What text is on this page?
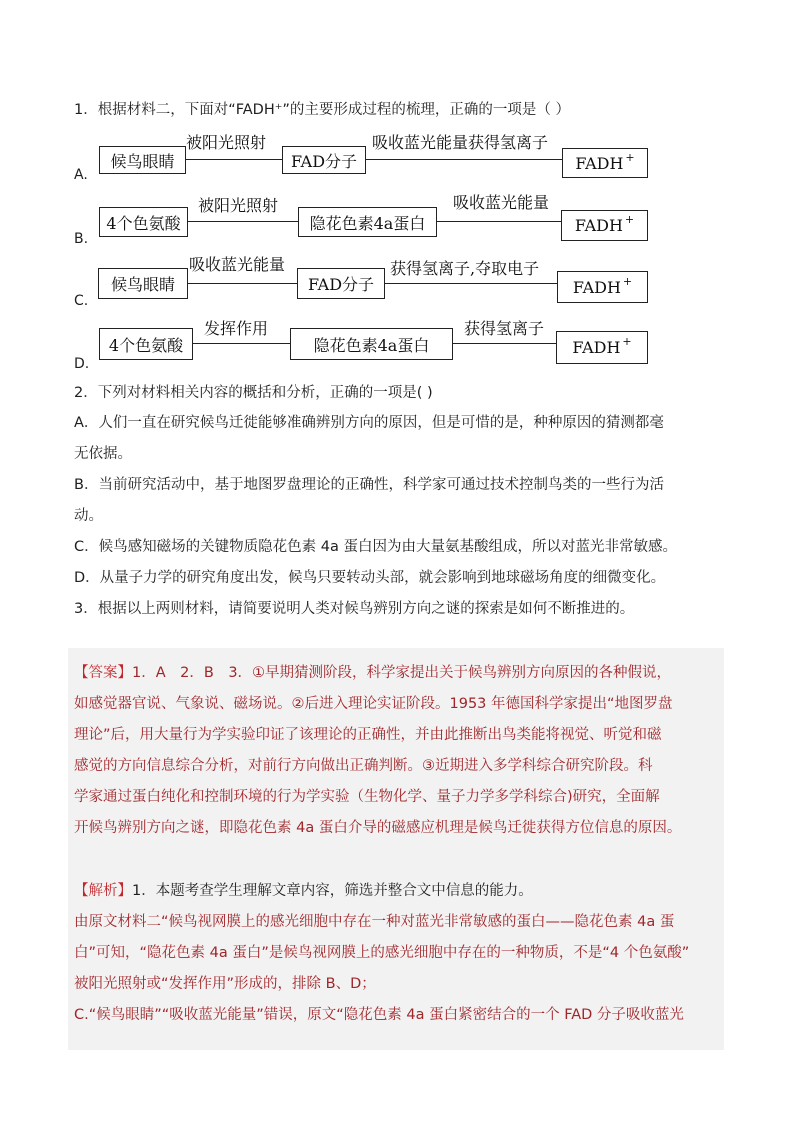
1．根据材料二，下面对“FADH⁺”的主要形成过程的梳理，正确的一项是（ ）
候鸟眼睛
被阳光照射
FAD分子
吸收蓝光能量获得氢离子
FADH+
A.
4个色氨酸
被阳光照射
隐花色素4a蛋白
吸收蓝光能量
FADH+
B.
候鸟眼睛
吸收蓝光能量
FAD分子
获得氢离子,夺取电子
FADH+
C.
4个色氨酸
发挥作用
隐花色素4a蛋白
获得氢离子
FADH+
D.
2．下列对材料相关内容的概括和分析，正确的一项是( )
A．人们一直在研究候鸟迁徙能够准确辨别方向的原因，但是可惜的是，种种原因的猜测都毫
无依据。
B．当前研究活动中，基于地图罗盘理论的正确性，科学家可通过技术控制鸟类的一些行为活
动。
C．候鸟感知磁场的关键物质隐花色素 4a 蛋白因为由大量氨基酸组成，所以对蓝光非常敏感。
D．从量子力学的研究角度出发，候鸟只要转动头部，就会影响到地球磁场角度的细微变化。
3．根据以上两则材料，请简要说明人类对候鸟辨别方向之谜的探索是如何不断推进的。
【答案】1．A　2．B　3．①早期猜测阶段，科学家提出关于候鸟辨别方向原因的各种假说，
如感觉器官说、气象说、磁场说。②后进入理论实证阶段。1953 年德国科学家提出“地图罗盘
理论”后，用大量行为学实验印证了该理论的正确性，并由此推断出鸟类能将视觉、听觉和磁
感觉的方向信息综合分析，对前行方向做出正确判断。③近期进入多学科综合研究阶段。科
学家通过蛋白纯化和控制环境的行为学实验（生物化学、量子力学多学科综合)研究，全面解
开候鸟辨别方向之谜，即隐花色素 4a 蛋白介导的磁感应机理是候鸟迁徙获得方位信息的原因。
【解析】1．本题考查学生理解文章内容，筛选并整合文中信息的能力。
由原文材料二“候鸟视网膜上的感光细胞中存在一种对蓝光非常敏感的蛋白——隐花色素 4a 蛋
白”可知，“隐花色素 4a 蛋白”是候鸟视网膜上的感光细胞中存在的一种物质，不是“4 个色氨酸”
被阳光照射或“发挥作用”形成的，排除 B、D；
C.“候鸟眼睛”“吸收蓝光能量”错误，原文“隐花色素 4a 蛋白紧密结合的一个 FAD 分子吸收蓝光
